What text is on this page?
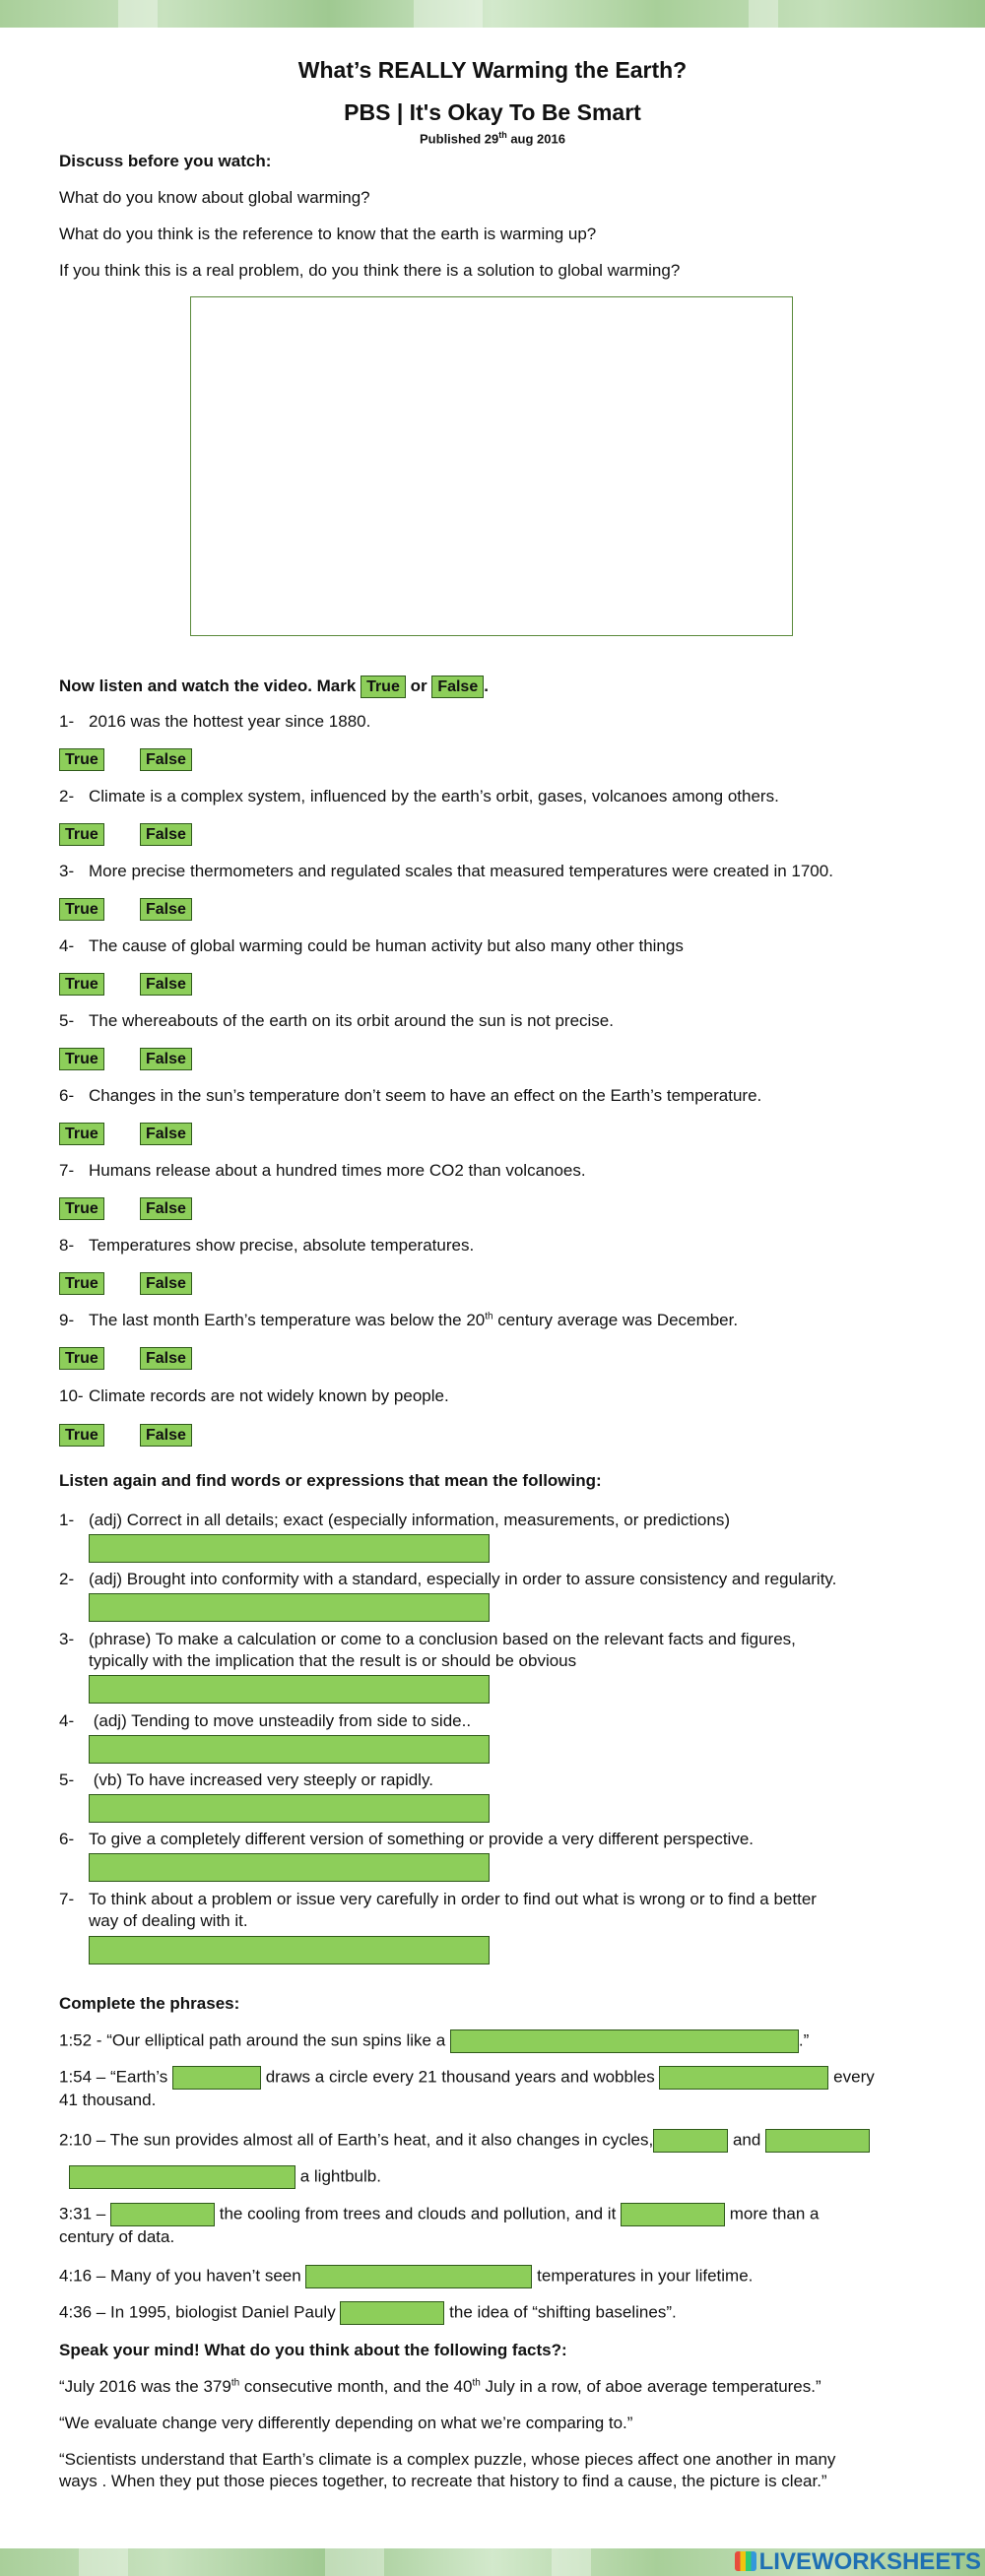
What’s REALLY Warming the Earth?
PBS | It's Okay To Be Smart
Published 29th aug 2016
Discuss before you watch:
What do you know about global warming?
What do you think is the reference to know that the earth is warming up?
If you think this is a real problem, do you think there is a solution to global warming?
Now listen and watch the video. Mark True or False .
1- 2016 was the hottest year since 1880.
True	False
2- Climate is a complex system, influenced by the earth’s orbit, gases, volcanoes among others.
True	False
3- More precise thermometers and regulated scales that measured temperatures were created in 1700.
True	False
4- The cause of global warming could be human activity but also many other things
True	False
5- The whereabouts of the earth on its orbit around the sun is not precise.
True	False
6- Changes in the sun’s temperature don’t seem to have an effect on the Earth’s temperature.
True	False
7- Humans release about a hundred times more CO2 than volcanoes.
True	False
8- Temperatures show precise, absolute temperatures.
True	False
9- The last month Earth’s temperature was below the 20th century average was December.
True	False
10- Climate records are not widely known by people.
True	False
Listen again and find words or expressions that mean the following:
1- (adj) Correct in all details; exact (especially information, measurements, or predictions)
2- (adj) Brought into conformity with a standard, especially in order to assure consistency and regularity.
3- (phrase) To make a calculation or come to a conclusion based on the relevant facts and figures,
typically with the implication that the result is or should be obvious
4- (adj) Tending to move unsteadily from side to side..
5- (vb) To have increased very steeply or rapidly.
6- To give a completely different version of something or provide a very different perspective.
7- To think about a problem or issue very carefully in order to find out what is wrong or to find a better
way of dealing with it.
Complete the phrases:
1:52 - “Our elliptical path around the sun spins like a	.”
1:54 – “Earth’s	draws a circle every 21 thousand years and wobbles	every
41 thousand.
2:10 – The sun provides almost all of Earth’s heat, and it also changes in cycles,	and
a lightbulb.
3:31 –	the cooling from trees and clouds and pollution, and it	more than a
century of data.
4:16 – Many of you haven’t seen	temperatures in your lifetime.
4:36 – In 1995, biologist Daniel Pauly	the idea of “shifting baselines”.
Speak your mind! What do you think about the following facts?:
“July 2016 was the 379th consecutive month, and the 40th July in a row, of aboe average temperatures.”
“We evaluate change very differently depending on what we’re comparing to.”
“Scientists understand that Earth’s climate is a complex puzzle, whose pieces affect one another in many
ways . When they put those pieces together, to recreate that history to find a cause, the picture is clear.”
LIVEWORKSHEETS
